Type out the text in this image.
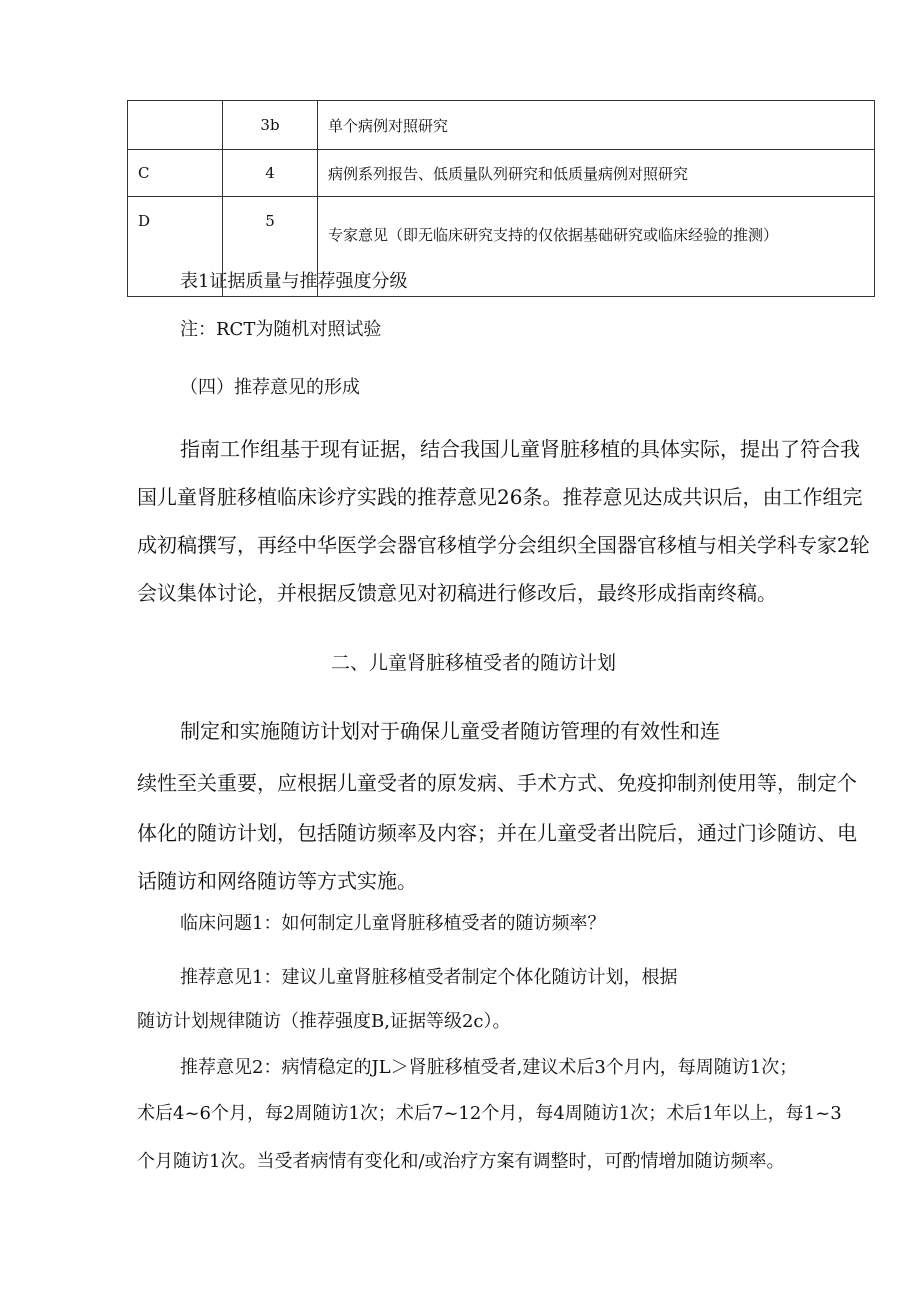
	3b	单个病例对照研究
C	4	病例系列报告、低质量队列研究和低质量病例对照研究
D	5	专家意见（即无临床研究支持的仅依据基础研究或临床经验的推测）
表1证据质量与推荐强度分级
注：RCT为随机对照试验
（四）推荐意见的形成
指南工作组基于现有证据，结合我国儿童肾脏移植的具体实际，提出了符合我
国儿童肾脏移植临床诊疗实践的推荐意见26条。推荐意见达成共识后，由工作组完
成初稿撰写，再经中华医学会器官移植学分会组织全国器官移植与相关学科专家2轮
会议集体讨论，并根据反馈意见对初稿进行修改后，最终形成指南终稿。
二、儿童肾脏移植受者的随访计划
制定和实施随访计划对于确保儿童受者随访管理的有效性和连
续性至关重要，应根据儿童受者的原发病、手术方式、免疫抑制剂使用等，制定个
体化的随访计划，包括随访频率及内容；并在儿童受者出院后，通过门诊随访、电
话随访和网络随访等方式实施。
临床问题1：如何制定儿童肾脏移植受者的随访频率？
推荐意见1：建议儿童肾脏移植受者制定个体化随访计划，根据
随访计划规律随访（推荐强度B,证据等级2c）。
推荐意见2：病情稳定的JL＞肾脏移植受者,建议术后3个月内，每周随访1次；
术后4~6个月，每2周随访1次；术后7~12个月，每4周随访1次；术后1年以上，每1~3
个月随访1次。当受者病情有变化和/或治疗方案有调整时，可酌情增加随访频率。
